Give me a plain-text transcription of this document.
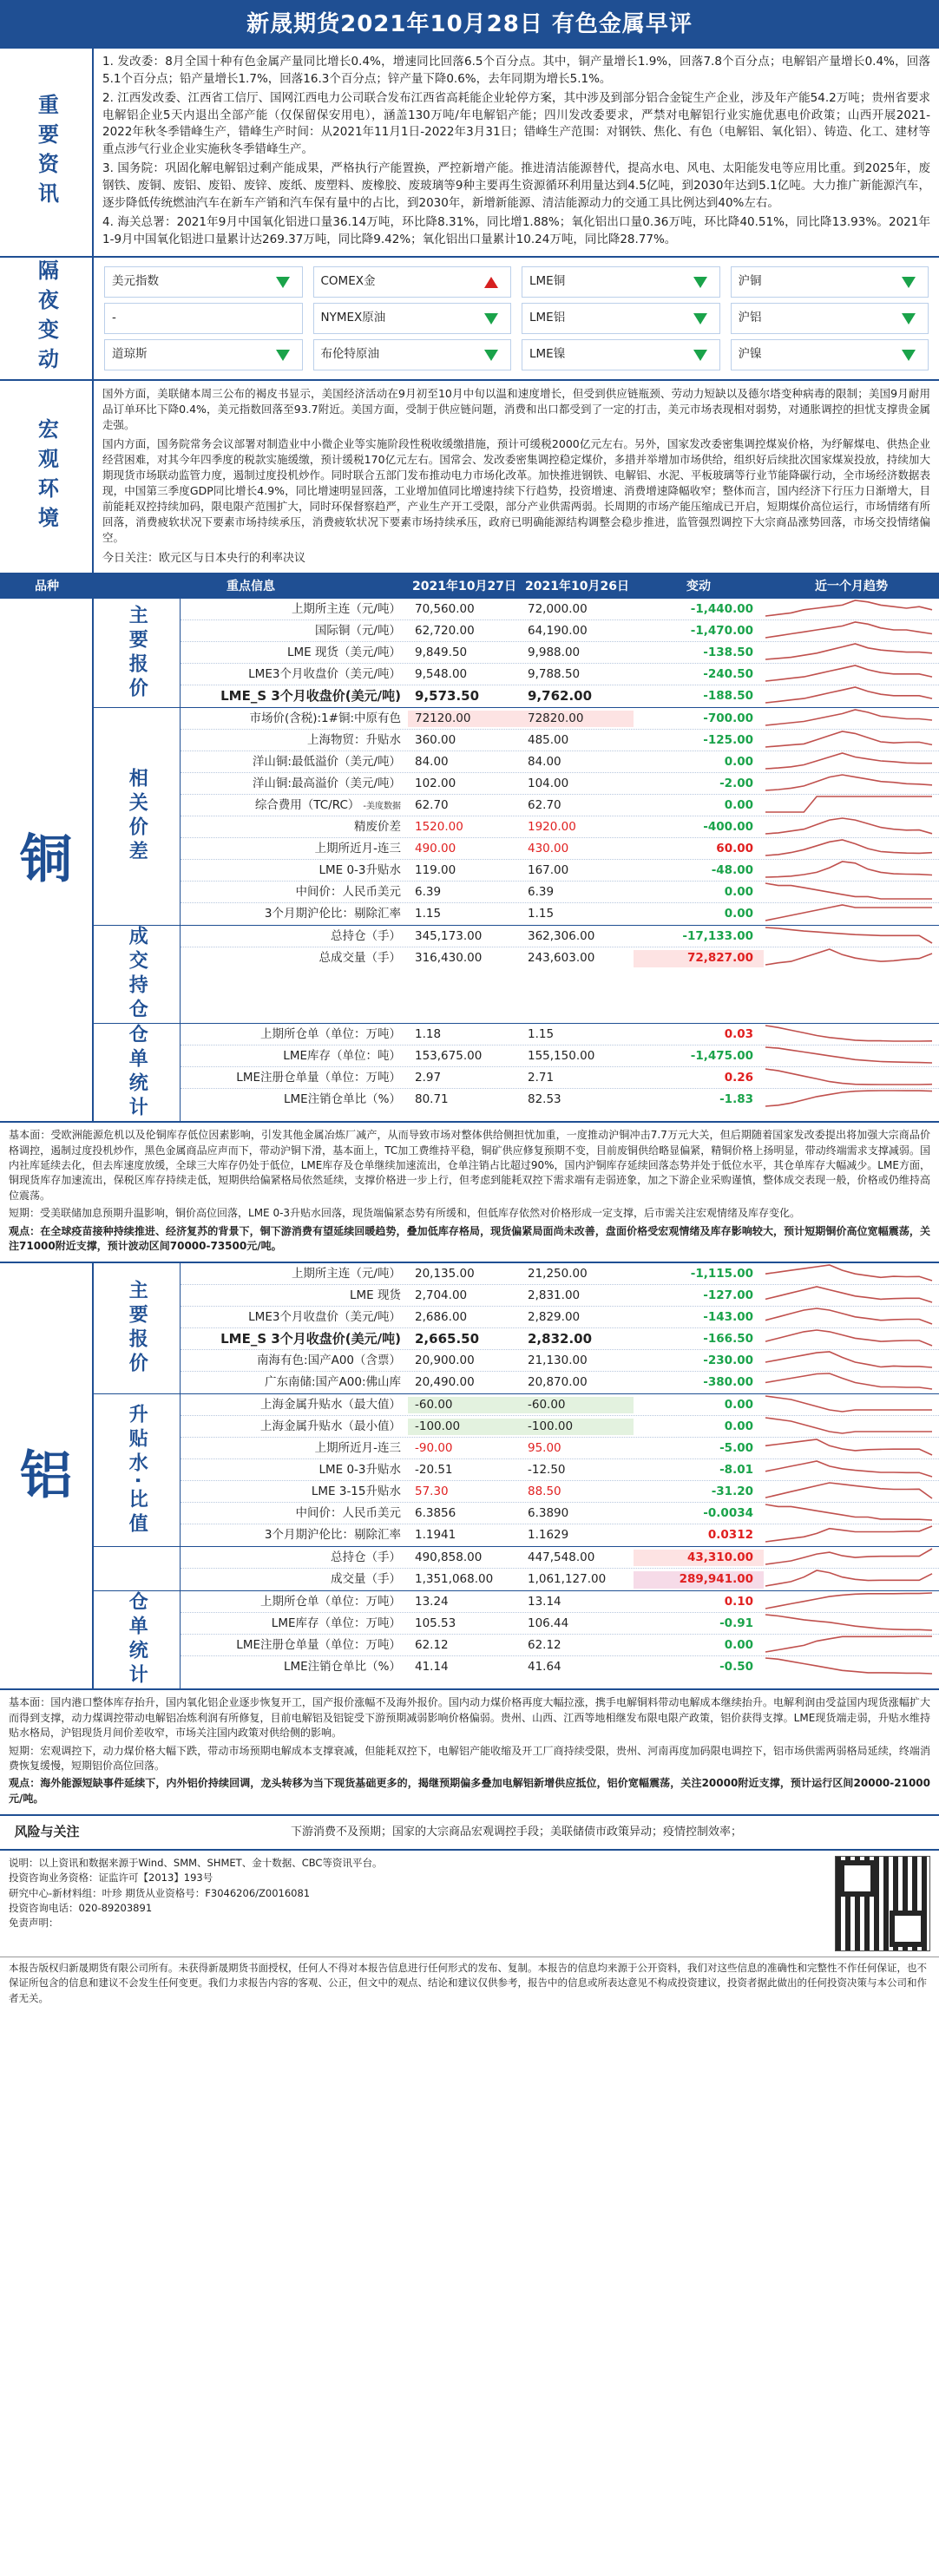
新晟期货2021年10月28日 有色金属早评
重要资讯

1. 发改委：8月全国十种有色金属产量同比增长0.4%，增速同比回落6.5个百分点。其中，铜产量增长1.9%，回落7.8个百分点；电解铝产量增长0.4%，回落5.1个百分点；铅产量增长1.7%，回落16.3个百分点；锌产量下降0.6%，去年同期为增长5.1%。

2. 江西发改委、江西省工信厅、国网江西电力公司联合发布江西省高耗能企业轮停方案，其中涉及到部分铝合金锭生产企业，涉及年产能54.2万吨；贵州省要求电解铝企业5天内退出全部产能（仅保留保安用电），涵盖130万吨/年电解铝产能；四川发改委要求，严禁对电解铝行业实施优惠电价政策；山西开展2021-2022年秋冬季错峰生产，错峰生产时间：从2021年11月1日-2022年3月31日；错峰生产范围：对钢铁、焦化、有色（电解铝、氧化铝）、铸造、化工、建材等重点涉气行业企业实施秋冬季错峰生产。

3. 国务院：巩固化解电解铝过剩产能成果，严格执行产能置换，严控新增产能。推进清洁能源替代，提高水电、风电、太阳能发电等应用比重。到2025年，废钢铁、废铜、废铝、废铅、废锌、废纸、废塑料、废橡胶、废玻璃等9种主要再生资源循环利用量达到4.5亿吨，到2030年达到5.1亿吨。大力推广新能源汽车，逐步降低传统燃油汽车在新车产销和汽车保有量中的占比，到2030年，新增新能源、清洁能源动力的交通工具比例达到40%左右。

4. 海关总署：2021年9月中国氧化铝进口量36.14万吨，环比降8.31%，同比增1.88%；氧化铝出口量0.36万吨，环比降40.51%，同比降13.93%。2021年1-9月中国氧化铝进口量累计达269.37万吨，同比降9.42%；氧化铝出口量累计10.24万吨，同比降28.77%。

隔夜变动	美元指数	COMEX金	LME铜	沪铜
-	NYMEX原油	LME铝	沪铝
道琼斯	布伦特原油	LME镍	沪镍
宏观环境

国外方面，美联储本周三公布的褐皮书显示，美国经济活动在9月初至10月中旬以温和速度增长，但受到供应链瓶颈、劳动力短缺以及德尔塔变种病毒的限制；美国9月耐用品订单环比下降0.4%，美元指数回落至93.7附近。美国方面，受制于供应链问题，消费和出口都受到了一定的打击，美元市场表现相对弱势，对通胀调控的担忧支撑贵金属走强。

国内方面，国务院常务会议部署对制造业中小微企业等实施阶段性税收缓缴措施，预计可缓税2000亿元左右。另外，国家发改委密集调控煤炭价格，为纾解煤电、供热企业经营困难，对其今年四季度的税款实施缓缴，预计缓税170亿元左右。国常会、发改委密集调控稳定煤价，多措并举增加市场供给，组织好后续批次国家煤炭投放，持续加大期现货市场联动监管力度，遏制过度投机炒作。同时联合五部门发布推动电力市场化改革。加快推进钢铁、电解铝、水泥、平板玻璃等行业节能降碳行动，全市场经济数据表现，中国第三季度GDP同比增长4.9%，同比增速明显回落，工业增加值同比增速持续下行趋势，投资增速、消费增速降幅收窄；整体而言，国内经济下行压力日渐增大，目前能耗双控持续加码，限电限产范围扩大，同时环保督察趋严，产业生产开工受限，部分产业供需两弱。长周期的市场产能压缩成已开启，短期煤价高位运行，市场情绪有所回落，消费疲软状况下要素市场持续承压，消费疲软状况下要素市场持续承压，政府已明确能源结构调整会稳步推进，监管强烈调控下大宗商品涨势回落，市场交投情绪偏空。

今日关注：欧元区与日本央行的利率决议
品种	重点信息	2021年10月27日 2021年10月26日	变动	近一个月趋势
铜
主要报价	上期所主连（元/吨）	70,560.00	72,000.00	-1,440.00
国际铜（元/吨）	62,720.00	64,190.00	-1,470.00
LME 现货（美元/吨）	9,849.50	9,988.00	-138.50
LME3个月收盘价（美元/吨）	9,548.00	9,788.50	-240.50
LME_S 3个月收盘价(美元/吨)	9,573.50	9,762.00	-188.50
相关价差
市场价(含税):1#铜:中原有色	72120.00	72820.00	-700.00
上海物贸：升贴水	360.00	485.00	-125.00
洋山铜:最低溢价（美元/吨）	84.00	84.00	0.00
洋山铜:最高溢价（美元/吨）	102.00	104.00	-2.00
综合费用（TC/RC） -美度数据	62.70	62.70	0.00
精废价差	1520.00	1920.00	-400.00
上期所近月-连三	490.00	430.00	60.00
LME 0-3升贴水	119.00	167.00	-48.00
中间价：人民币美元	6.39	6.39	0.00
3个月期沪伦比：剔除汇率	1.15	1.15	0.00
成交持仓	总持仓（手）	345,173.00	362,306.00	-17,133.00
总成交量（手）	316,430.00	243,603.00	72,827.00
仓单统计	上期所仓单（单位：万吨）	1.18	1.15	0.03
LME库存（单位：吨）	153,675.00	155,150.00	-1,475.00
LME注册仓单量（单位：万吨）	2.97	2.71	0.26
LME注销仓单比（%）	80.71	82.53	-1.83

基本面：受欧洲能源危机以及伦铜库存低位因素影响，引发其他金属冶炼厂减产，从而导致市场对整体供给侧担忧加重，一度推动沪铜冲击7.7万元大关，但后期随着国家发改委提出将加强大宗商品价格调控，遏制过度投机炒作，黑色金属商品应声而下，带动沪铜下滑，基本面上，TC加工费维持平稳，铜矿供应修复预期不变，目前废铜供给略显偏紧，精铜价格上扬明显，带动终端需求支撑减弱。国内社库延续去化，但去库速度放缓，全球三大库存仍处于低位，LME库存及仓单继续加速流出，仓单注销占比超过90%，国内沪铜库存延续回落态势并处于低位水平，其仓单库存大幅减少。LME方面，铜现货库存加速流出，保税区库存持续走低，短期供给偏紧格局依然延续，支撑价格进一步上行，但考虑到能耗双控下需求端有走弱迹象，加之下游企业采购谨慎，整体成交表现一般，价格或仍维持高位震荡。

短期：受美联储加息预期升温影响，铜价高位回落，LME 0-3升贴水回落，现货端偏紧态势有所缓和，但低库存依然对价格形成一定支撑，后市需关注宏观情绪及库存变化。

观点：在全球疫苗接种持续推进、经济复苏的背景下，铜下游消费有望延续回暖趋势，叠加低库存格局，现货偏紧局面尚未改善，盘面价格受宏观情绪及库存影响较大，预计短期铜价高位宽幅震荡，关注71000附近支撑，预计波动区间70000-73500元/吨。

铝
主要报价
上期所主连（元/吨）	20,135.00	21,250.00	-1,115.00
LME 现货	2,704.00	2,831.00	-127.00
LME3个月收盘价（美元/吨）	2,686.00	2,829.00	-143.00
LME_S 3个月收盘价(美元/吨)	2,665.50	2,832.00	-166.50
南海有色:国产A00（含票）	20,900.00	21,130.00	-230.00
广东南储:国产A00:佛山库	20,490.00	20,870.00	-380.00
升贴水·比值	上海金属升贴水（最大值）	-60.00	-60.00	0.00
上海金属升贴水（最小值）	-100.00	-100.00	0.00
上期所近月-连三	-90.00	95.00	-5.00
LME 0-3升贴水	-20.51	-12.50	-8.01
LME 3-15升贴水	57.30	88.50	-31.20
中间价：人民币美元	6.3856	6.3890	-0.0034
3个月期沪伦比：剔除汇率	1.1941	1.1629	0.0312
总持仓（手）	490,858.00	447,548.00	43,310.00
成交量（手）	1,351,068.00	1,061,127.00	289,941.00
仓单统计	上期所仓单（单位：万吨）	13.24	13.14	0.10
LME库存（单位：万吨）	105.53	106.44	-0.91
LME注册仓单量（单位：万吨）	62.12	62.12	0.00
LME注销仓单比（%）	41.14	41.64	-0.50

基本面：国内港口整体库存抬升，国内氧化铝企业逐步恢复开工，国产报价涨幅不及海外报价。国内动力煤价格再度大幅拉涨，携手电解铜料带动电解成本继续抬升。电解利润由受益国内现货涨幅扩大而得到支撑，动力煤调控带动电解铝冶炼利润有所修复，目前电解铝及铝锭受下游预期减弱影响价格偏弱。贵州、山西、江西等地相继发布限电限产政策，铝价获得支撑。LME现货端走弱，升贴水维持贴水格局，沪铝现货月间价差收窄，市场关注国内政策对供给侧的影响。

短期：宏观调控下，动力煤价格大幅下跌，带动市场预期电解成本支撑衰减，但能耗双控下，电解铝产能收缩及开工厂商持续受限，贵州、河南再度加码限电调控下，铝市场供需两弱格局延续，终端消费恢复缓慢，短期铝价高位回落。

观点：海外能源短缺事件延续下，内外铝价持续回调，龙头转移为当下现货基础更多的，揭继预期偏多叠加电解铝新增供应抵位，铝价宽幅震荡，关注20000附近支撑，预计运行区间20000-21000元/吨。

风险与关注	下游消费不及预期；国家的大宗商品宏观调控手段；美联储债市政策异动；疫情控制效率；
说明：以上资讯和数据来源于Wind、SMM、SHMET、金十数据、CBC等资讯平台。
投资咨询业务资格：证监许可【2013】193号
研究中心-新材料组：叶珍 期货从业资格号：F3046206/Z0016081
投资咨询电话：020-89203891
免责声明：
本报告版权归新晟期货有限公司所有。未获得新晟期货书面授权，任何人不得对本报告信息进行任何形式的发布、复制。本报告的信息均来源于公开资料，我们对这些信息的准确性和完整性不作任何保证，也不保证所包含的信息和建议不会发生任何变更。我们力求报告内容的客观、公正，但文中的观点、结论和建议仅供参考，报告中的信息或所表达意见不构成投资建议，投资者据此做出的任何投资决策与本公司和作者无关。
